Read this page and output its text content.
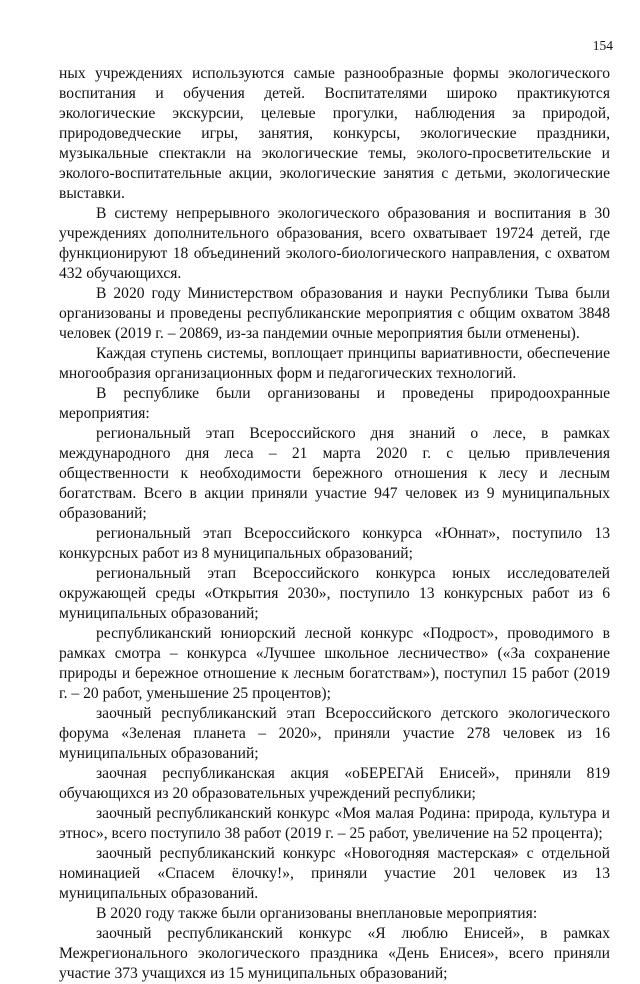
154

ных учреждениях используются самые разнообразные формы экологического воспитания и обучения детей. Воспитателями широко практикуются экологические экскурсии, целевые прогулки, наблюдения за природой, природоведческие игры, занятия, конкурсы, экологические праздники, музыкальные спектакли на экологические темы, эколого-просветительские и эколого-воспитательные акции, экологические занятия с детьми, экологические выставки.

В систему непрерывного экологического образования и воспитания в 30 учреждениях дополнительного образования, всего охватывает 19724 детей, где функционируют 18 объединений эколого-биологического направления, с охватом 432 обучающихся.

В 2020 году Министерством образования и науки Республики Тыва были организованы и проведены республиканские мероприятия с общим охватом 3848 человек (2019 г. – 20869, из-за пандемии очные мероприятия были отменены).

Каждая ступень системы, воплощает принципы вариативности, обеспечение многообразия организационных форм и педагогических технологий.

В республике были организованы и проведены природоохранные мероприятия:

региональный этап Всероссийского дня знаний о лесе, в рамках международного дня леса – 21 марта 2020 г. с целью привлечения общественности к необходимости бережного отношения к лесу и лесным богатствам. Всего в акции приняли участие 947 человек из 9 муниципальных образований;

региональный этап Всероссийского конкурса «Юннат», поступило 13 конкурсных работ из 8 муниципальных образований;

региональный этап Всероссийского конкурса юных исследователей окружающей среды «Открытия 2030», поступило 13 конкурсных работ из 6 муниципальных образований;

республиканский юниорский лесной конкурс «Подрост», проводимого в рамках смотра – конкурса «Лучшее школьное лесничество» («За сохранение природы и бережное отношение к лесным богатствам»), поступил 15 работ (2019 г. – 20 работ, уменьшение 25 процентов);

заочный республиканский этап Всероссийского детского экологического форума «Зеленая планета – 2020», приняли участие 278 человек из 16 муниципальных образований;

заочная республиканская акция «оБЕРЕГАй Енисей», приняли 819 обучающихся из 20 образовательных учреждений республики;

заочный республиканский конкурс «Моя малая Родина: природа, культура и этнос», всего поступило 38 работ (2019 г. – 25 работ, увеличение на 52 процента);

заочный республиканский конкурс «Новогодняя мастерская» с отдельной номинацией «Спасем ёлочку!», приняли участие 201 человек из 13 муниципальных образований.

В 2020 году также были организованы внеплановые мероприятия:

заочный республиканский конкурс «Я люблю Енисей», в рамках Межрегионального экологического праздника «День Енисея», всего приняли участие 373 учащихся из 15 муниципальных образований;
